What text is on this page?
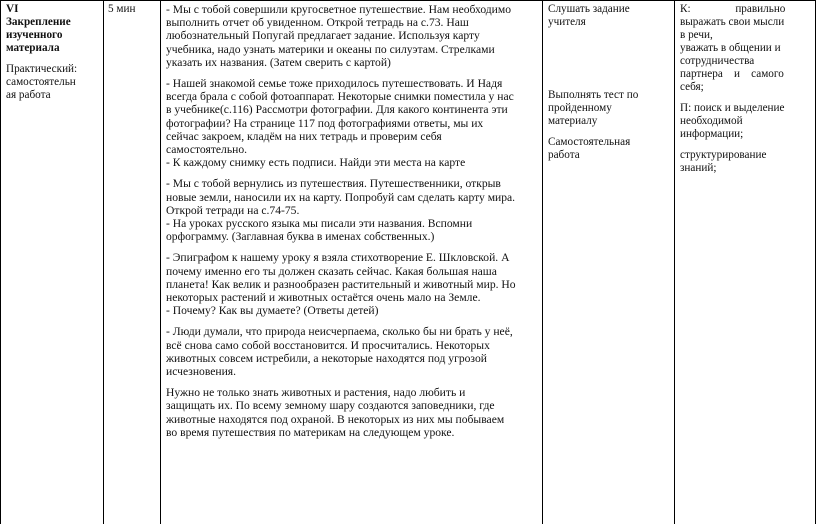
VI

Закрепление

изученного

материала

Практический:

самостоятельн

ая работа

5 мин	- Мы с тобой совершили кругосветное путешествие. Нам необходимо

выполнить отчет об увиденном. Открой тетрадь на с.73. Наш

любознательный Попугай предлагает задание. Используя карту

учебника, надо узнать материки и океаны по силуэтам. Стрелками

указать их названия. (Затем сверить с картой)

- Нашей знакомой семье тоже приходилось путешествовать. И Надя

всегда брала с собой фотоаппарат. Некоторые снимки поместила у нас

в учебнике(с.116) Рассмотри фотографии. Для какого континента эти

фотографии? На странице 117 под фотографиями ответы, мы их

сейчас закроем, кладём на них тетрадь и проверим себя

самостоятельно.

- К каждому снимку есть подписи. Найди эти места на карте

- Мы с тобой вернулись из путешествия. Путешественники, открыв

новые земли, наносили их на карту. Попробуй сам сделать карту мира.

Открой тетради на с.74-75.

- На уроках русского языка мы писали эти названия. Вспомни

орфограмму. (Заглавная буква в именах собственных.)

- Эпиграфом к нашему уроку я взяла стихотворение Е. Шкловской. А

почему именно его ты должен сказать сейчас. Какая большая наша

планета! Как велик и разнообразен растительный и животный мир. Но

некоторых растений и животных остаётся очень мало на Земле.

- Почему? Как вы думаете? (Ответы детей)

- Люди думали, что природа неисчерпаема, сколько бы ни брать у неё,

всё снова само собой восстановится. И просчитались. Некоторых

животных совсем истребили, а некоторые находятся под угрозой

исчезновения.

Нужно не только знать животных и растения, надо любить и

защищать их. По всему земному шару создаются заповедники, где

животные находятся под охраной. В некоторых из них мы побываем

во время путешествия по материкам на следующем уроке.

Слушать задание

учителя

Выполнять тест по

пройденному

материалу

Самостоятельная

работа

К:                правильно

выражать свои мысли

в речи,

уважать в общении и

сотрудничества

партнера    и    самого

себя;

П: поиск и выделение

необходимой

информации;

структурирование

знаний;
